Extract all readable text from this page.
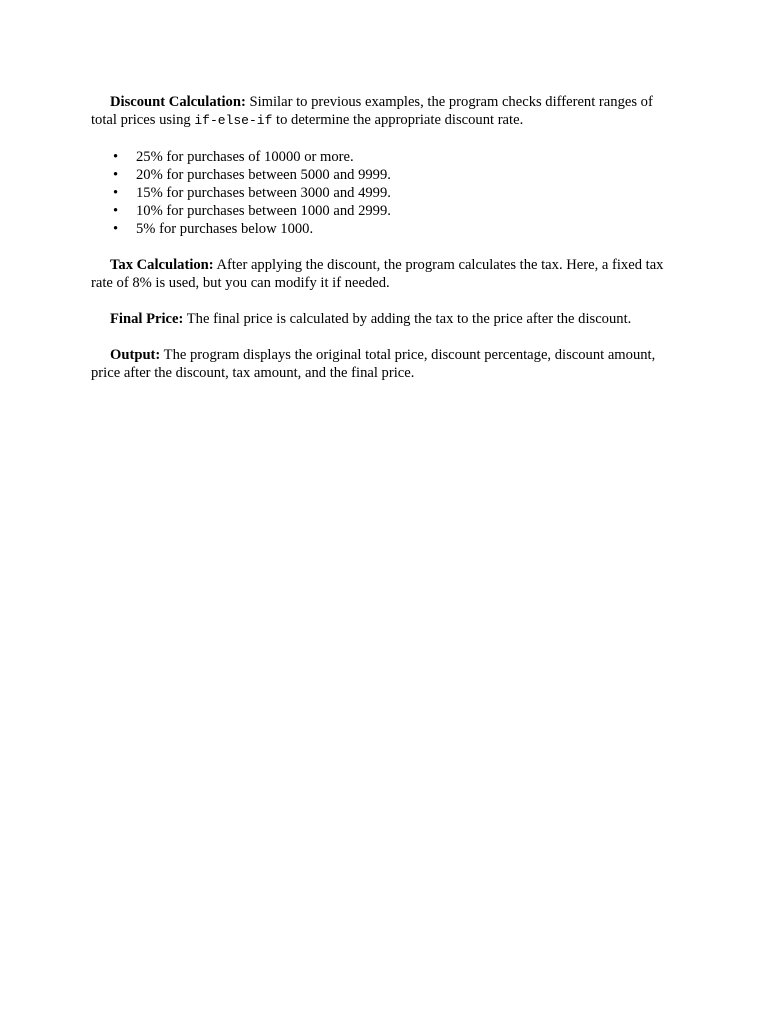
Discount Calculation: Similar to previous examples, the program checks different ranges of total prices using if-else-if to determine the appropriate discount rate.

• 25% for purchases of 10000 or more.
• 20% for purchases between 5000 and 9999.
• 15% for purchases between 3000 and 4999.
• 10% for purchases between 1000 and 2999.
• 5% for purchases below 1000.

Tax Calculation: After applying the discount, the program calculates the tax. Here, a fixed tax rate of 8% is used, but you can modify it if needed.

Final Price: The final price is calculated by adding the tax to the price after the discount.

Output: The program displays the original total price, discount percentage, discount amount, price after the discount, tax amount, and the final price.
